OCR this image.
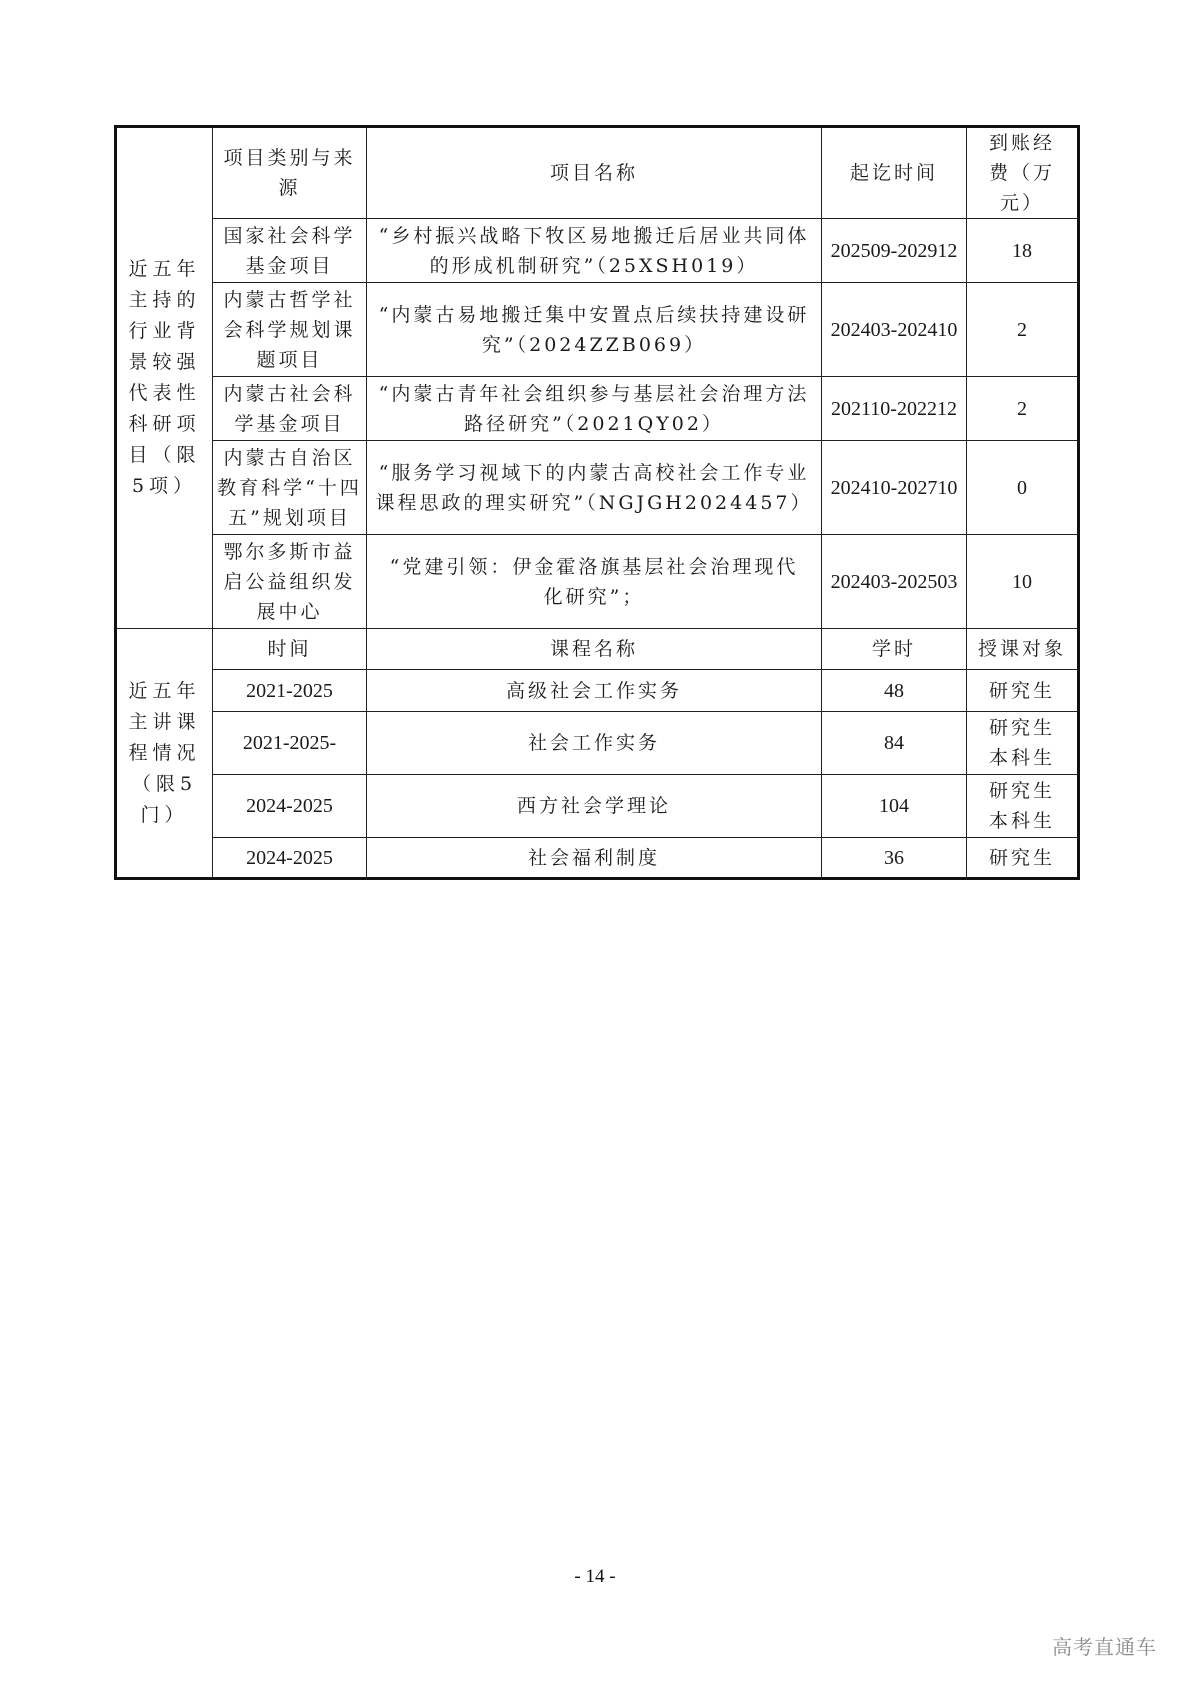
近五年主持的行业背景较强代表性科研项目（限5项）	项目类别与来源	项目名称	起讫时间	到账经费（万元）
	国家社会科学基金项目	“乡村振兴战略下牧区易地搬迁后居业共同体的形成机制研究”（25XSH019）	202509-202912	18
	内蒙古哲学社会科学规划课题项目	“内蒙古易地搬迁集中安置点后续扶持建设研究”（2024ZZB069）	202403-202410	2
	内蒙古社会科学基金项目	“内蒙古青年社会组织参与基层社会治理方法路径研究”（2021QY02）	202110-202212	2
	内蒙古自治区教育科学“十四五”规划项目	“服务学习视域下的内蒙古高校社会工作专业课程思政的理实研究”（NGJGH2024457）	202410-202710	0
	鄂尔多斯市益启公益组织发展中心	“党建引领：伊金霍洛旗基层社会治理现代化研究”；	202403-202503	10
近五年主讲课程情况（限5门）	时间	课程名称	学时	授课对象
	2021-2025	高级社会工作实务	48	研究生
	2021-2025-	社会工作实务	84	研究生 本科生
	2024-2025	西方社会学理论	104	研究生 本科生
	2024-2025	社会福利制度	36	研究生
- 14 -
高考直通车
